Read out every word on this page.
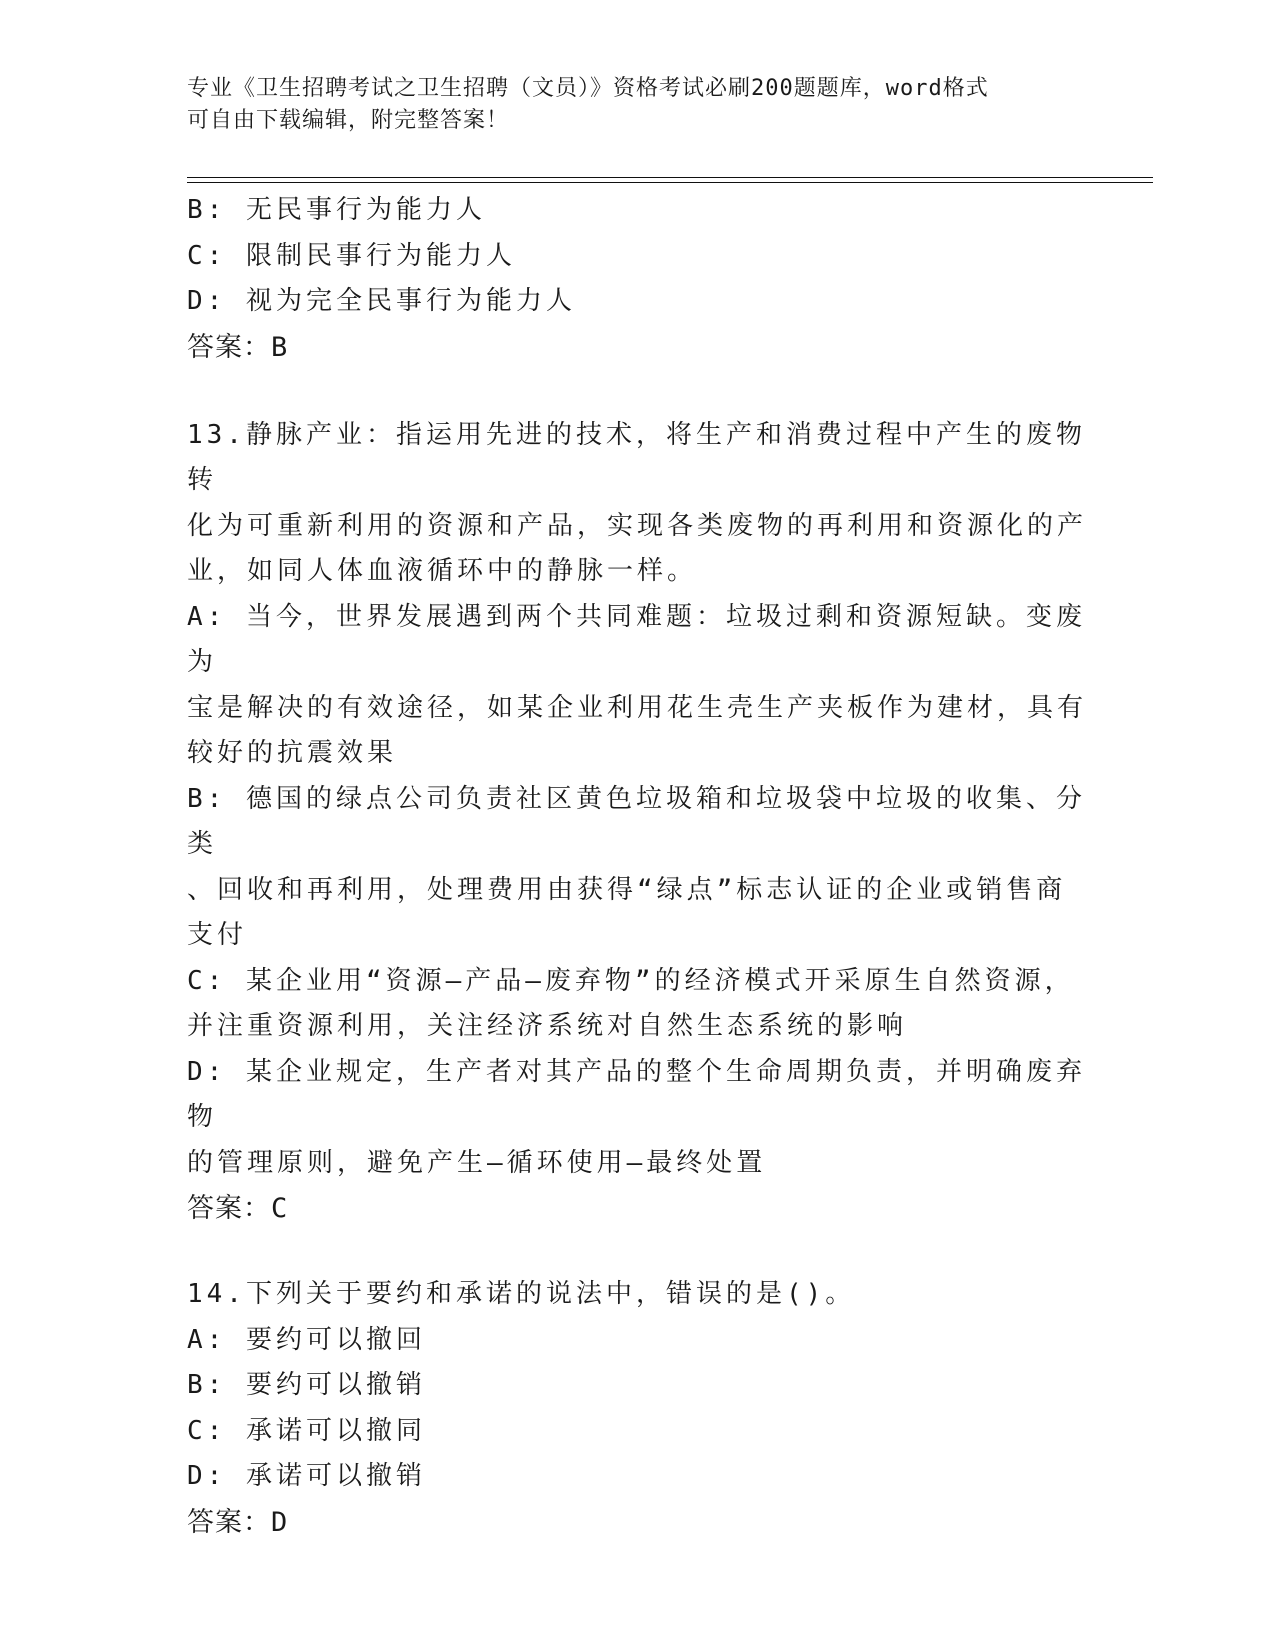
专业《卫生招聘考试之卫生招聘（文员）》资格考试必刷200题题库，word格式
可自由下载编辑，附完整答案！
B: 无民事行为能力人
C: 限制民事行为能力人
D: 视为完全民事行为能力人
答案：B
13.静脉产业：指运用先进的技术，将生产和消费过程中产生的废物转
化为可重新利用的资源和产品，实现各类废物的再利用和资源化的产
业，如同人体血液循环中的静脉一样。
A: 当今，世界发展遇到两个共同难题：垃圾过剩和资源短缺。变废为
宝是解决的有效途径，如某企业利用花生壳生产夹板作为建材，具有
较好的抗震效果
B: 德国的绿点公司负责社区黄色垃圾箱和垃圾袋中垃圾的收集、分类
、回收和再利用，处理费用由获得“绿点”标志认证的企业或销售商
支付
C: 某企业用“资源—产品—废弃物”的经济模式开采原生自然资源，
并注重资源利用，关注经济系统对自然生态系统的影响
D: 某企业规定，生产者对其产品的整个生命周期负责，并明确废弃物
的管理原则，避免产生—循环使用—最终处置
答案：C
14.下列关于要约和承诺的说法中，错误的是()。
A: 要约可以撤回
B: 要约可以撤销
C: 承诺可以撤同
D: 承诺可以撤销
答案：D
